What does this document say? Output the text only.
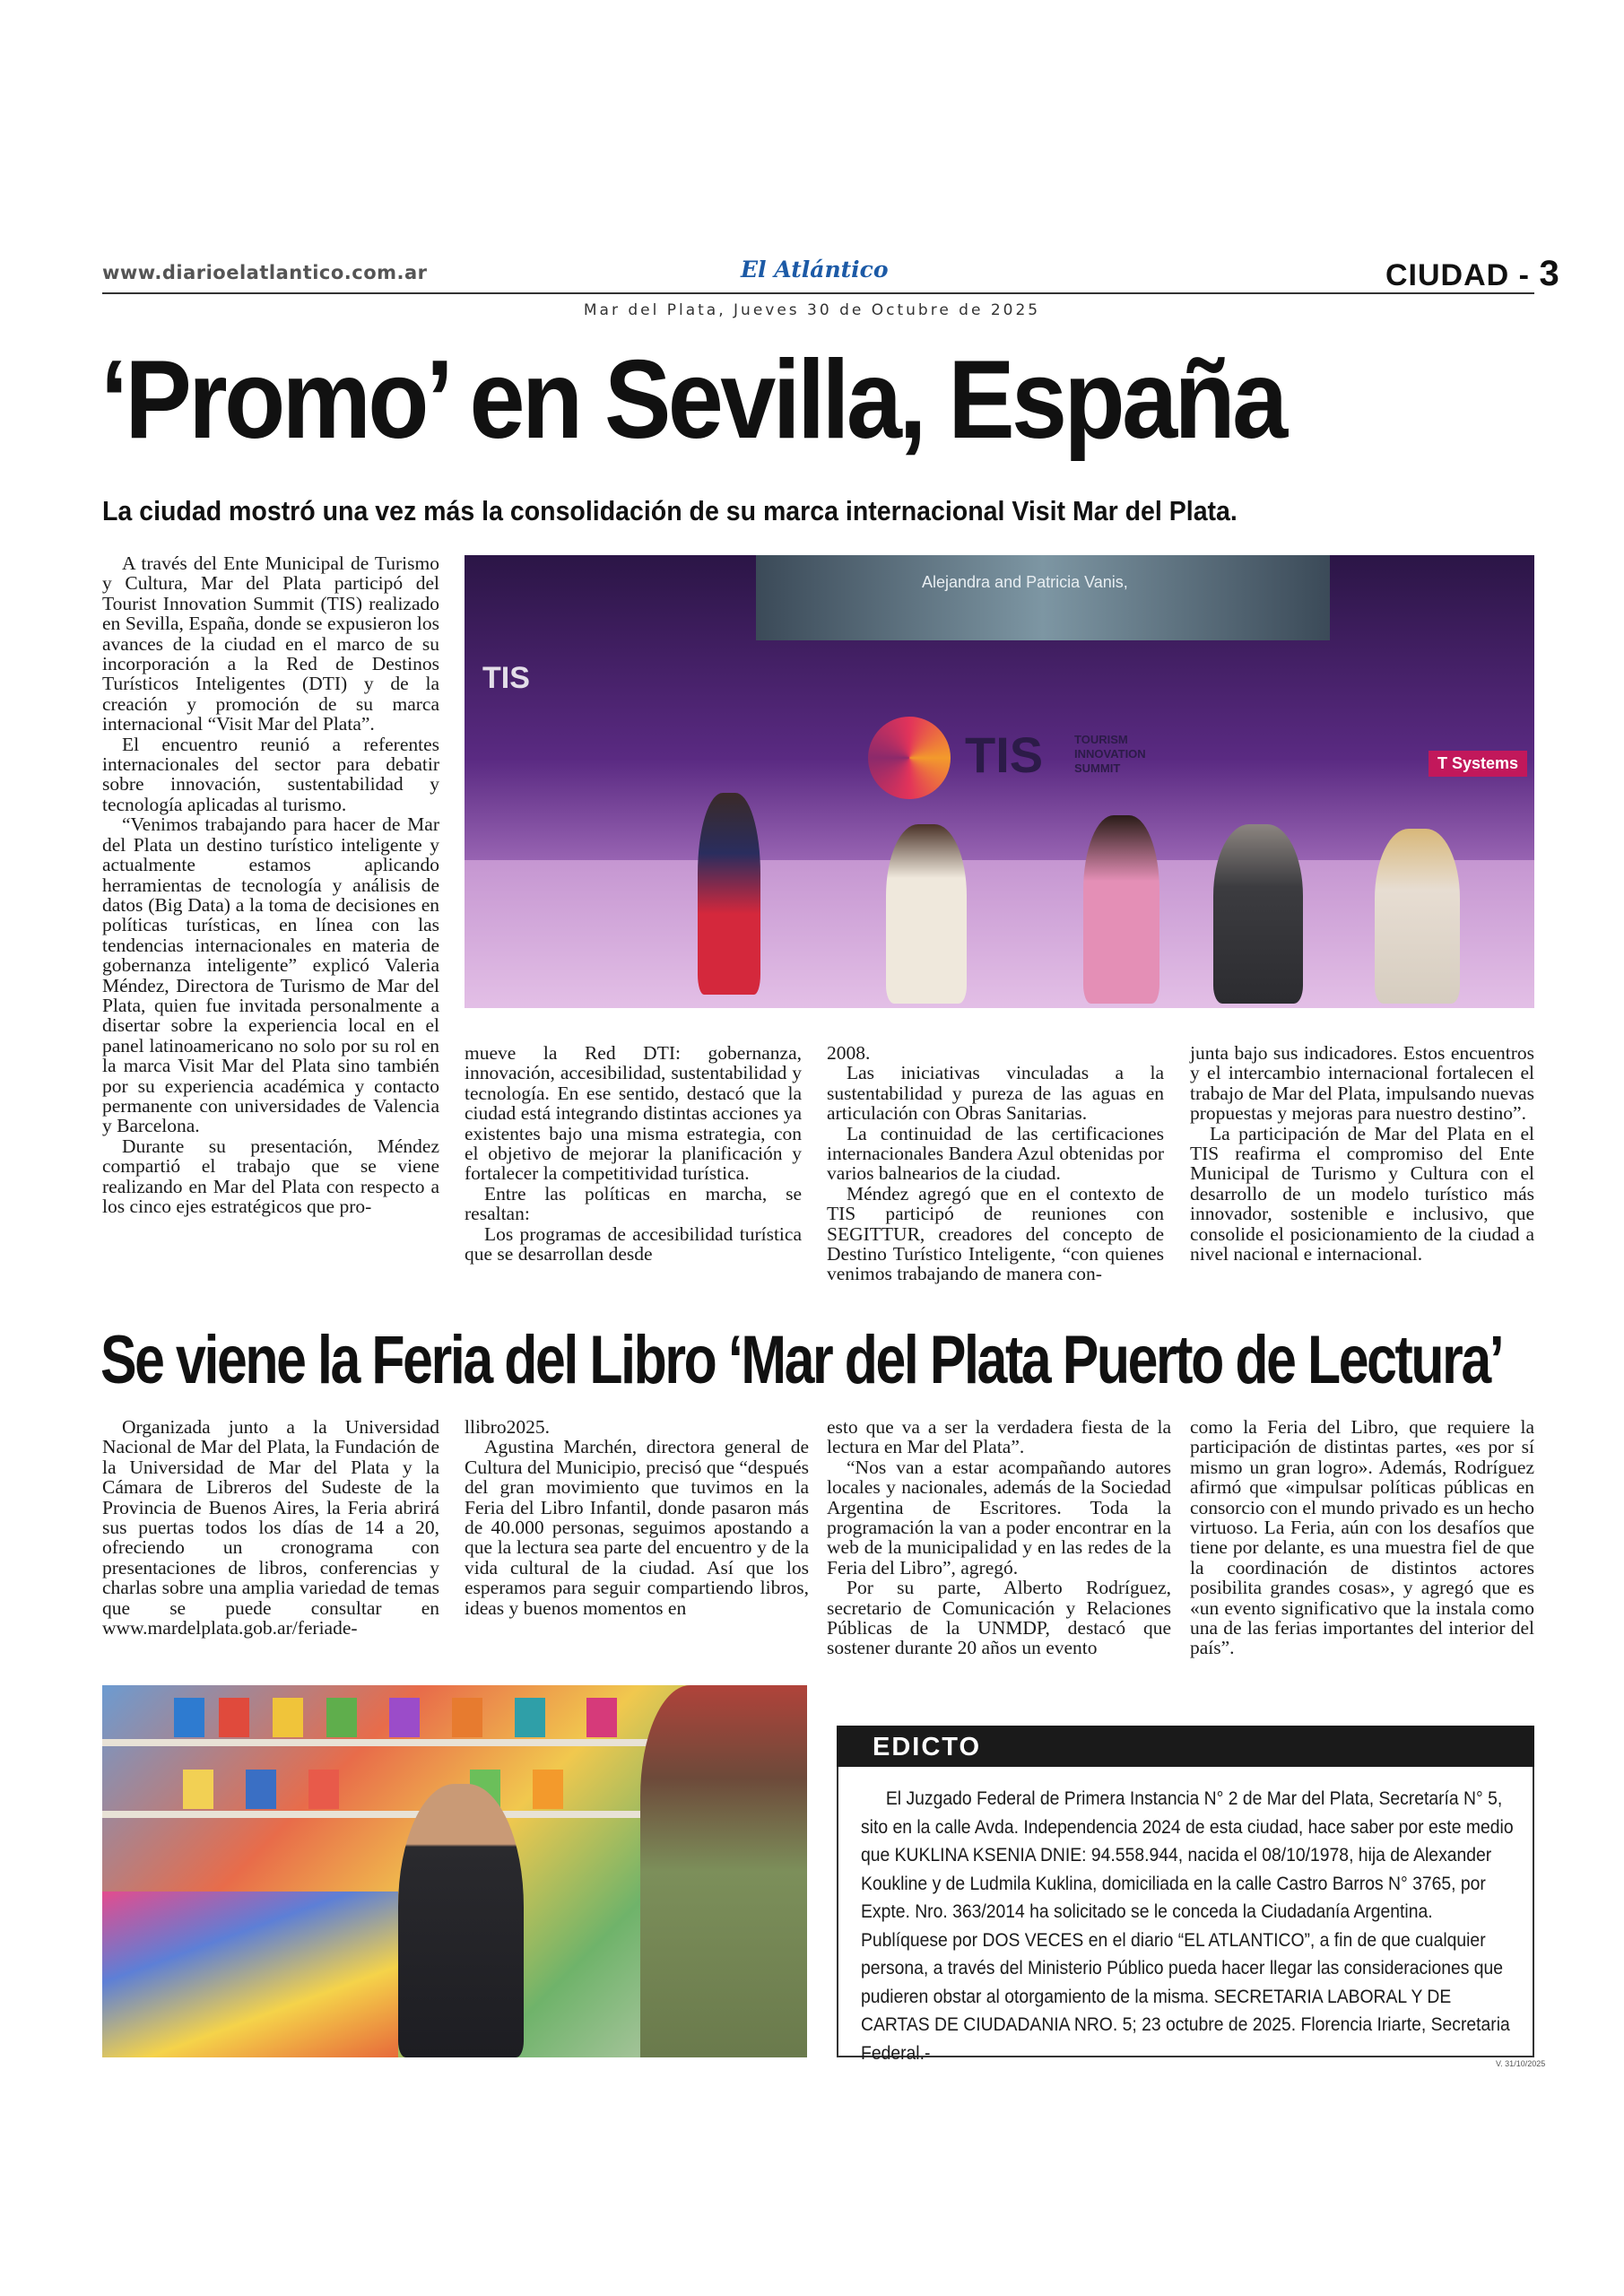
www.diarioelatlantico.com.ar	El Atlántico	CIUDAD - 3
Mar del Plata, Jueves 30 de Octubre de 2025
‘Promo’ en Sevilla, España
La ciudad mostró una vez más la consolidación de su marca internacional Visit Mar del Plata.

A través del Ente Municipal de Turismo y Cultura, Mar del Plata participó del Tourist Innovation Summit (TIS) realizado en Sevilla, España, donde se expusieron los avances de la ciudad en el marco de su incorporación a la Red de Destinos Turísticos Inteligentes (DTI) y de la creación y promoción de su marca internacional “Visit Mar del Plata”.

El encuentro reunió a referentes internacionales del sector para debatir sobre innovación, sustentabilidad y tecnología aplicadas al turismo.

“Venimos trabajando para hacer de Mar del Plata un destino turístico inteligente y actualmente estamos aplicando herramientas de tecnología y análisis de datos (Big Data) a la toma de decisiones en políticas turísticas, en línea con las tendencias internacionales en materia de gobernanza inteligente” explicó Valeria Méndez, Directora de Turismo de Mar del Plata, quien fue invitada personalmente a disertar sobre la experiencia local en el panel latinoamericano no solo por su rol en la marca Visit Mar del Plata sino también por su experiencia académica y contacto permanente con universidades de Valencia y Barcelona.

Durante su presentación, Méndez compartió el trabajo que se viene realizando en Mar del Plata con respecto a los cinco ejes estratégicos que pro-

Alejandra and Patricia Vanis,
TIS
TIS	TOURISM INNOVATION SUMMIT	T Systems

mueve la Red DTI: gobernanza, innovación, accesibilidad, sustentabilidad y tecnología. En ese sentido, destacó que la ciudad está integrando distintas acciones ya existentes bajo una misma estrategia, con el objetivo de mejorar la planificación y fortalecer la competitividad turística.

Entre las políticas en marcha, se resaltan:

Los programas de accesibilidad turística que se desarrollan desde

2008.

Las iniciativas vinculadas a la sustentabilidad y pureza de las aguas en articulación con Obras Sanitarias.

La continuidad de las certificaciones internacionales Bandera Azul obtenidas por varios balnearios de la ciudad.

Méndez agregó que en el contexto de TIS participó de reuniones con SEGITTUR, creadores del concepto de Destino Turístico Inteligente, “con quienes venimos trabajando de manera con-

junta bajo sus indicadores. Estos encuentros y el intercambio internacional fortalecen el trabajo de Mar del Plata, impulsando nuevas propuestas y mejoras para nuestro destino”.

La participación de Mar del Plata en el TIS reafirma el compromiso del Ente Municipal de Turismo y Cultura con el desarrollo de un modelo turístico más innovador, sostenible e inclusivo, que consolide el posicionamiento de la ciudad a nivel nacional e internacional.

Se viene la Feria del Libro ‘Mar del Plata Puerto de Lectura’

Organizada junto a la Universidad Nacional de Mar del Plata, la Fundación de la Universidad de Mar del Plata y la Cámara de Libreros del Sudeste de la Provincia de Buenos Aires, la Feria abrirá sus puertas todos los días de 14 a 20, ofreciendo un cronograma con presentaciones de libros, conferencias y charlas sobre una amplia variedad de temas que se puede consultar en www.mardelplata.gob.ar/feriade-

llibro2025.

Agustina Marchén, directora general de Cultura del Municipio, precisó que “después del gran movimiento que tuvimos en la Feria del Libro Infantil, donde pasaron más de 40.000 personas, seguimos apostando a que la lectura sea parte del encuentro y de la vida cultural de la ciudad. Así que los esperamos para seguir compartiendo libros, ideas y buenos momentos en

esto que va a ser la verdadera fiesta de la lectura en Mar del Plata”.

“Nos van a estar acompañando autores locales y nacionales, además de la Sociedad Argentina de Escritores. Toda la programación la van a poder encontrar en la web de la municipalidad y en las redes de la Feria del Libro”, agregó.

Por su parte, Alberto Rodríguez, secretario de Comunicación y Relaciones Públicas de la UNMDP, destacó que sostener durante 20 años un evento

como la Feria del Libro, que requiere la participación de distintas partes, «es por sí mismo un gran logro». Además, Rodríguez afirmó que «impulsar políticas públicas en consorcio con el mundo privado es un hecho virtuoso. La Feria, aún con los desafíos que tiene por delante, es una muestra fiel de que la coordinación de distintos actores posibilita grandes cosas», y agregó que es «un evento significativo que la instala como una de las ferias importantes del interior del país”.

EDICTO

El Juzgado Federal de Primera Instancia N° 2 de Mar del Plata, Secretaría N° 5, sito en la calle Avda. Independencia 2024 de esta ciudad, hace saber por este medio que KUKLINA KSENIA DNIE: 94.558.944, nacida el 08/10/1978, hija de Alexander Koukline y de Ludmila Kuklina, domiciliada en la calle Castro Barros N° 3765, por Expte. Nro. 363/2014 ha solicitado se le conceda la Ciudadanía Argentina. Publíquese por DOS VECES en el diario “EL ATLANTICO”, a fin de que cualquier persona, a través del Ministerio Público pueda hacer llegar las consideraciones que pudieren obstar al otorgamiento de la misma. SECRETARIA LABORAL Y DE CARTAS DE CIUDADANIA NRO. 5; 23 octubre de 2025. Florencia Iriarte, Secretaria Federal.-

V. 31/10/2025
